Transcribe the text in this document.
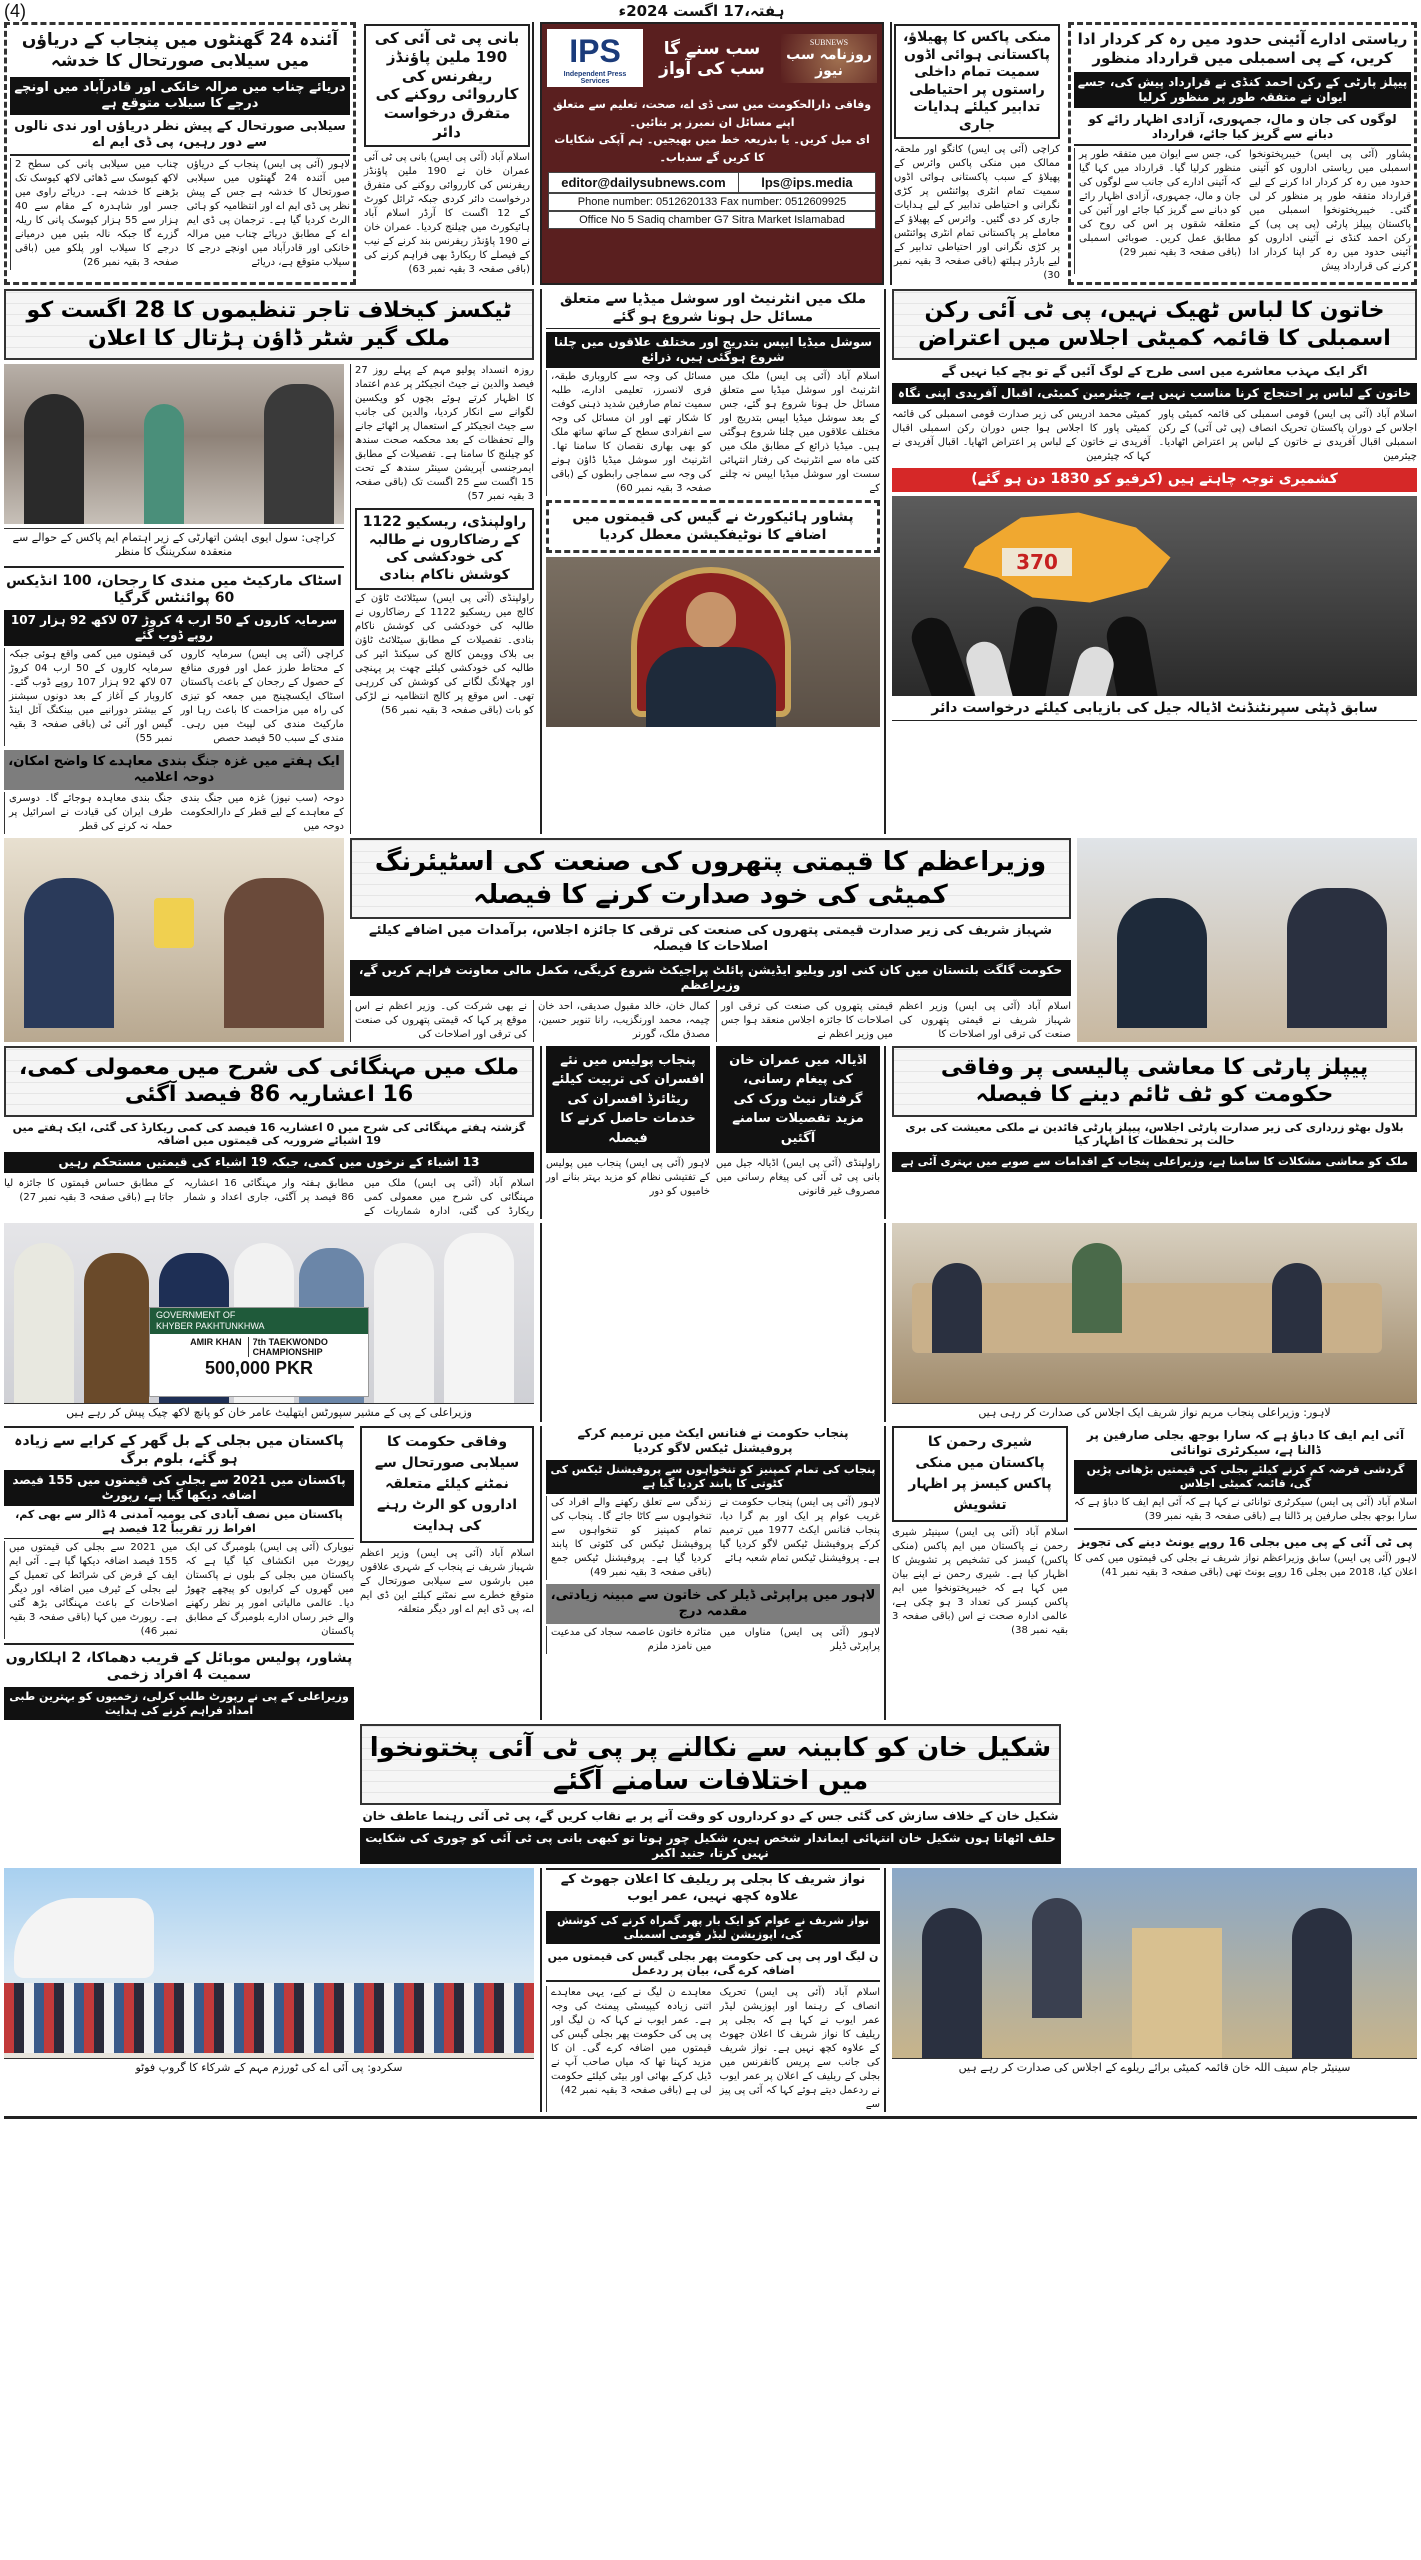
(4)	ہفتہ،17 اگست 2024ء
آئندہ 24 گھنٹوں میں پنجاب کے دریاؤں میں سیلابی صورتحال کا خدشہ
دریائے چناب میں مرالہ خانکی اور قادرآباد میں اونچے درجے کا سیلاب متوقع ہے
سیلابی صورتحال کے پیش نظر دریاؤں اور ندی نالوں سے دور رہیں، پی ڈی ایم اے
لاہور (آئی پی ایس) پنجاب کے دریاؤں میں آئندہ 24 گھنٹوں میں سیلابی صورتحال کا خدشہ ہے جس کے پیش نظر پی ڈی ایم اے اور انتظامیہ کو ہائی الرٹ کردیا گیا ہے۔ ترجمان پی ڈی ایم اے کے مطابق دریائے چناب میں مرالہ خانکی اور قادرآباد میں اونچے درجے کا سیلاب متوقع ہے، دریائے
چناب میں سیلابی پانی کی سطح 2 لاکھ کیوسک سے ڈھائی لاکھ کیوسک تک بڑھنے کا خدشہ ہے۔ دریائے راوی میں جسر اور شاہدرہ کے مقام سے 40 ہزار سے 55 ہزار کیوسک پانی کا ریلہ گزرے گا جبکہ نالہ بئیں میں درمیانے درجے کا سیلاب اور پلکو میں (باقی صفحہ 3 بقیہ نمبر 26)
بانی پی ٹی آئی کی 190 ملین پاؤنڈز ریفرنس کی کارروائی روکنے کی متفرق درخواست دائر
اسلام آباد (آئی پی ایس) بانی پی ٹی آئی عمران خان نے 190 ملین پاؤنڈز ریفرنس کی کارروائی روکنے کی متفرق درخواست دائر کردی جبکہ ٹرائل کورٹ کے 12 اگست کا آرڈر اسلام آباد ہائیکورٹ میں چیلنج کردیا۔ عمران خان نے 190 پاؤنڈز ریفرنس بند کرنے کے نیب کے فیصلے کا ریکارڈ بھی فراہم کرنے کی (باقی صفحہ 3 بقیہ نمبر 63)
IPS
Independent Press Services
سب سنے گا
سب کی آواز
SUBNEWS
روزنامہ سب نیوز
وفاقی دارالحکومت میں سی ڈی اے، صحت، تعلیم سے متعلق اپنے مسائل ان نمبرز پر بتائیں۔
ای میل کریں۔ یا بذریعہ خط میں بھیجیں۔ ہم آپکی شکایات کا کریں گے سدباب۔
editor@dailysubnews.com	lps@ips.media
Phone number: 0512620133 Fax number: 0512609925
Office No 5 Sadiq chamber G7 Sitra Market Islamabad
منکی پاکس کا پھیلاؤ، پاکستانی ہوائی اڈوں سمیت تمام داخلی راستوں پر احتیاطی تدابیر کیلئے ہدایات جاری
کراچی (آئی پی ایس) کانگو اور ملحقہ ممالک میں منکی پاکس وائرس کے پھیلاؤ کے سبب پاکستانی ہوائی اڈوں سمیت تمام انٹری پوائنٹس پر کڑی نگرانی و احتیاطی تدابیر کے لیے ہدایات جاری کر دی گئیں۔ وائرس کے پھیلاؤ کے معاملے پر پاکستانی تمام انٹری پوائنٹس پر کڑی نگرانی اور احتیاطی تدابیر کے لیے بارڈر ہیلتھ (باقی صفحہ 3 بقیہ نمبر 30)
ریاستی ادارے آئینی حدود میں رہ کر کردار ادا کریں، کے پی اسمبلی میں قرارداد منظور
پیپلز پارٹی کے رکن احمد کنڈی نے قرارداد پیش کی، جسے ایوان نے متفقہ طور پر منظور کرلیا
لوگوں کی جان و مال، جمہوری، آزادی اظہار رائے کو دبانے سے گریز کیا جائے، قرارداد
پشاور (آئی پی ایس) خیبرپختونخوا اسمبلی میں ریاستی اداروں کو آئینی حدود میں رہ کر کردار ادا کرنے کے لیے قرارداد متفقہ طور پر منظور کر لی گئی۔ خیبرپختونخوا اسمبلی میں پاکستان پیپلز پارٹی (پی پی پی) کے رکن احمد کنڈی نے آئینی اداروں کو آئینی حدود میں رہ کر اپنا کردار ادا کرنے کی قرارداد پیش
کی، جس سے ایوان میں متفقہ طور پر منظور کرلیا گیا۔ قرارداد میں کہا گیا کہ آئینی ادارے کی جانب سے لوگوں کی جان و مال، جمہوری، آزادی اظہار رائے کو دبانے سے گریز کیا جائے اور آئین کی متعلقہ شقوں پر اس کی روح کی مطابق عمل کریں۔ صوبائی اسمبلی (باقی صفحہ 3 بقیہ نمبر 29)
ٹیکسز کیخلاف تاجر تنظیموں کا 28 اگست کو ملک گیر شٹر ڈاؤن ہڑتال کا اعلان
کراچی: سول ایوی ایشن اتھارٹی کے زیر اہتمام ایم پاکس کے حوالے سے منعقدہ سکریننگ کا منظر
اسٹاک مارکیٹ میں مندی کا رجحان، 100 انڈیکس 60 پوائنٹس گرگیا
سرمایہ کاروں کے 50 ارب 4 کروڑ 07 لاکھ 92 ہزار 107 روپے ڈوب گئے
کراچی (آئی پی ایس) سرمایہ کاروں کے محتاط طرز عمل اور فوری منافع کے حصول کے رجحان کے باعث پاکستان اسٹاک ایکسچینج میں جمعہ کو تیزی کی راہ میں مزاحمت کا باعث رہا اور مارکیٹ مندی کی لپیٹ میں رہی۔ مندی کے سبب 50 فیصد حصص
کی قیمتوں میں کمی واقع ہوئی جبکہ سرمایہ کاروں کے 50 ارب 04 کروڑ 07 لاکھ 92 ہزار 107 روپے ڈوب گئے۔ کاروبار کے آغاز کے بعد دونوں سیشنز کے بیشتر دورانیے میں بینکنگ آئل اینڈ گیس اور آئی ٹی (باقی صفحہ 3 بقیہ نمبر 55)
ایک ہفتے میں غزہ جنگ بندی معاہدے کا واضح امکان، دوحہ اعلامیہ
دوحہ (سب نیوز) غزہ میں جنگ بندی کے معاہدے کے لیے قطر کے دارالحکومت دوحہ میں
جنگ بندی معاہدہ ہوجائے گا۔ دوسری طرف ایران کی قیادت نے اسرائیل پر حملہ نہ کرنے کی قطر
روزہ انسداد پولیو مہم کے پہلے روز 27 فیصد والدین نے جیٹ انجیکٹر پر عدم اعتماد کا اظہار کرتے ہوئے بچوں کو ویکسین لگوانے سے انکار کردیا، والدین کی جانب سے جیٹ انجیکٹر کے استعمال پر اٹھائے جانے والے تحفظات کے بعد محکمہ صحت سندھ کو چیلنج کا سامنا ہے۔ تفصیلات کے مطابق ایمرجنسی آپریشن سینٹر سندھ کے تحت 15 اگست سے 25 اگست تک (باقی صفحہ 3 بقیہ نمبر 57)
راولپنڈی، ریسکیو 1122 کے رضاکاروں نے طالبہ کی خودکشی کی کوشش ناکام بنادی
راولپنڈی (آئی پی ایس) سیٹلائٹ ٹاؤن کے کالج میں ریسکیو 1122 کے رضاکاروں نے طالبہ کی خودکشی کی کوشش ناکام بنادی۔ تفصیلات کے مطابق سیٹلائٹ ٹاؤن بی بلاک وویمن کالج کی سیکنڈ ائیر کی طالبہ کی خودکشی کیلئے چھت پر پہنچی اور چھلانگ لگانے کی کوشش کی کررہی تھی۔ اس موقع پر کالج انتظامیہ نے لڑکی کو بات (باقی صفحہ 3 بقیہ نمبر 56)
ملک میں انٹرنیٹ اور سوشل میڈیا سے متعلق مسائل حل ہونا شروع ہو گئے
سوشل میڈیا ایپس بتدریج اور مختلف علاقوں میں چلنا شروع ہوگئی ہیں، ذرائع
اسلام آباد (آئی پی ایس) ملک میں انٹرنیٹ اور سوشل میڈیا سے متعلق مسائل حل ہونا شروع ہو گئے، جس کے بعد سوشل میڈیا ایپس بتدریج اور مختلف علاقوں میں چلنا شروع ہوگئی ہیں۔ میڈیا ذرائع کے مطابق ملک میں کئی ماہ سے انٹرنیٹ کی رفتار انتہائی سست اور سوشل میڈیا ایپس نہ چلنے کے
مسائل کی وجہ سے کاروباری طبقہ، فری لانسرز، تعلیمی ادارے، طلبہ سمیت تمام صارفین شدید ذہنی کوفت کا شکار تھے اور ان مسائل کی وجہ سے انفرادی سطح کے ساتھ ساتھ ملک کو بھی بھاری نقصان کا سامنا تھا۔ انٹرنیٹ اور سوشل میڈیا ڈاؤن ہونے کی وجہ سے سماجی رابطوں کے (باقی صفحہ 3 بقیہ نمبر 60)
پشاور ہائیکورٹ نے گیس کی قیمتوں میں اضافے کا نوٹیفکیشن معطل کردیا
خاتون کا لباس ٹھیک نہیں، پی ٹی آئی رکن اسمبلی کا قائمہ کمیٹی اجلاس میں اعتراض
اگر ایک مہذب معاشرے میں اسی طرح کے لوگ آئیں گے تو بچے کیا نہیں گے
خاتون کے لباس پر احتجاج کرنا مناسب نہیں ہے، چیئرمین کمیٹی، اقبال آفریدی اپنی نگاہ
اسلام آباد (آئی پی ایس) قومی اسمبلی کی قائمہ کمیٹی پاور اجلاس کے دوران پاکستان تحریک انصاف (پی ٹی آئی) کے رکن اسمبلی اقبال آفریدی نے خاتون کے لباس پر اعتراض اٹھادیا۔ چیئرمین
کمیٹی محمد ادریس کی زیر صدارت قومی اسمبلی کی قائمہ کمیٹی پاور کا اجلاس ہوا جس دوران رکن اسمبلی اقبال آفریدی نے خاتون کے لباس پر اعتراض اٹھایا۔ اقبال آفریدی نے کہا کہ چیئرمین
کشمیری توجہ چاہتے ہیں (کرفیو کو 1830 دن ہو گئے)
370
سابق ڈپٹی سپرنٹنڈنٹ اڈیالہ جیل کی بازیابی کیلئے درخواست دائر
وزیراعظم کا قیمتی پتھروں کی صنعت کی اسٹیئرنگ کمیٹی کی خود صدارت کرنے کا فیصلہ
شہباز شریف کی زیر صدارت قیمتی پتھروں کی صنعت کی ترقی کا جائزہ اجلاس، برآمدات میں اضافے کیلئے اصلاحات کا فیصلہ
حکومت گلگت بلتستان میں کان کنی اور ویلیو ایڈیشن پائلٹ پراجیکٹ شروع کریگی، مکمل مالی معاونت فراہم کریں گے، وزیراعظم
اسلام آباد (آئی پی ایس) وزیر اعظم شہباز شریف نے قیمتی پتھروں کی صنعت کی ترقی اور اصلاحات کا
قیمتی پتھروں کی صنعت کی ترقی اور اصلاحات کا جائزہ اجلاس منعقد ہوا جس میں وزیر اعظم نے
کمال خان، خالد مقبول صدیقی، احد خان چیمہ، محمد اورنگزیب، رانا تنویر حسین، مصدق ملک، گورنر
نے بھی شرکت کی۔ وزیر اعظم نے اس موقع پر کہا کہ قیمتی پتھروں کی صنعت کی ترقی اور اصلاحات کی
ملک میں مہنگائی کی شرح میں معمولی کمی، 16 اعشاریہ 86 فیصد آگئی
گزشتہ ہفتے مہنگائی کی شرح میں 0 اعشاریہ 16 فیصد کی کمی ریکارڈ کی گئی، ایک ہفتے میں 19 اشیائے ضروریہ کی قیمتوں میں اضافہ
13 اشیاء کے نرخوں میں کمی، جبکہ 19 اشیاء کی قیمتیں مستحکم رہیں
اسلام آباد (آئی پی ایس) ملک میں مہنگائی کی شرح میں معمولی کمی ریکارڈ کی گئی، ادارہ شماریات کے مطابق ہفتہ وار مہنگائی 16 اعشاریہ 86 فیصد پر آگئی، جاری اعداد و شمار کے مطابق حساس قیمتوں کا جائزہ لیا جاتا ہے (باقی صفحہ 3 بقیہ نمبر 27)
پنجاب پولیس میں نئے افسران کی تربیت کیلئے ریٹائرڈ افسران کی خدمات حاصل کرنے کا فیصلہ
لاہور (آئی پی ایس) پنجاب میں پولیس کے تفتیشی نظام کو مزید بہتر بنانے اور خامیوں کو دور
اڈیالہ میں عمران خان کی پیغام رسانی، گرفتار نیٹ ورک کی مزید تفصیلات سامنے آگئیں
راولپنڈی (آئی پی ایس) اڈیالہ جیل میں بانی پی ٹی آئی کی پیغام رسانی میں مصروف غیر قانونی
پیپلز پارٹی کا معاشی پالیسی پر وفاقی حکومت کو ٹف ٹائم دینے کا فیصلہ
بلاول بھٹو زرداری کی زیر صدارت پارٹی اجلاس، پیپلز پارٹی قائدین نے ملکی معیشت کی بری حالت پر تحفظات کا اظہار کیا
ملک کو معاشی مشکلات کا سامنا ہے، وزیراعلی پنجاب کے اقدامات سے صوبے میں بہتری آئی ہے
GOVERNMENT OF
KHYBER PAKHTUNKHWA
AMIR KHAN	7th TAEKWONDO
CHAMPIONSHIP
500,000 PKR
وزیراعلی کے پی کے مشیر سپورٹس ایتھلیٹ عامر خان کو پانچ لاکھ چیک پیش کر رہے ہیں	لاہور: وزیراعلی پنجاب مریم نواز شریف ایک اجلاس کی صدارت کر رہی ہیں
پاکستان میں بجلی کے بل گھر کے کرایے سے زیادہ ہو گئے، بلوم برگ
پاکستان میں 2021 سے بجلی کی قیمتوں میں 155 فیصد اضافہ دیکھا گیا ہے، رپورٹ
پاکستان میں نصف آبادی کی یومیہ آمدنی 4 ڈالر سے بھی کم، افراط زر تقریباً 12 فیصد ہے
نیویارک (آئی پی ایس) بلومبرگ کی ایک رپورٹ میں انکشاف کیا گیا ہے کہ پاکستان میں بجلی کے بلوں نے پاکستان میں گھروں کے کرایوں کو پیچھے چھوڑ دیا۔ عالمی مالیاتی امور پر نظر رکھنے والے خبر رساں ادارے بلومبرگ کے مطابق پاکستان
میں 2021 سے بجلی کی قیمتوں میں 155 فیصد اضافہ دیکھا گیا ہے۔ آئی ایم ایف کے قرض کی شرائط کی تعمیل کے لیے بجلی کے ٹیرف میں اضافہ اور دیگر اصلاحات کے باعث مہنگائی بڑھ گئی ہے۔ رپورٹ میں کہا (باقی صفحہ 3 بقیہ نمبر 46)
پشاور، پولیس موبائل کے قریب دھماکا، 2 اہلکاروں سمیت 4 افراد زخمی
وزیراعلی کے پی نے رپورٹ طلب کرلی، زخمیوں کو بہترین طبی امداد فراہم کرنے کی ہدایت
وفاقی حکومت کا سیلابی صورتحال سے نمٹنے کیلئے متعلقہ اداروں کو الرٹ رہنے کی ہدایت
اسلام آباد (آئی پی ایس) وزیر اعظم شہباز شریف نے پنجاب کے شہری علاقوں میں بارشوں سے سیلابی صورتحال کے متوقع خطرے سے نمٹنے کیلئے این ڈی ایم اے، پی ڈی ایم اے اور دیگر متعلقہ
پنجاب حکومت نے فنانس ایکٹ میں ترمیم کرکے پروفیشنل ٹیکس لاگو کردیا
پنجاب کی تمام کمپنیز کو تنخواہوں سے پروفیشنل ٹیکس کی کٹوتی کا پابند کردیا گیا ہے
لاہور (آئی پی ایس) پنجاب حکومت نے غریب عوام پر ایک اور بم گرا دیا، پنجاب فنانس ایکٹ 1977 میں ترمیم کرکے پروفیشنل ٹیکس لاگو کردیا گیا ہے۔ پروفیشنل ٹیکس تمام شعبہ ہائے
زندگی سے تعلق رکھنے والے افراد کی تنخواہوں سے کاٹا جائے گا۔ پنجاب کی تمام کمپنیز کو تنخواہوں سے پروفیشنل ٹیکس کی کٹوتی کا پابند کردیا گیا ہے۔ پروفیشنل ٹیکس جمع (باقی صفحہ 3 بقیہ نمبر 49)
لاہور میں پراپرٹی ڈیلر کی خاتون سے مبینہ زیادتی، مقدمہ درج
لاہور (آئی پی ایس) مناواں میں پراپرٹی ڈیلر
متاثرہ خاتون عاصمہ سجاد کی مدعیت میں نامزد ملزم
شیری رحمن کا پاکستان میں منکی پاکس کیسز پر اظہار تشویش
اسلام آباد (آئی پی ایس) سینیٹر شیری رحمن نے پاکستان میں ایم پاکس (منکی پاکس) کیسز کی تشخیص پر تشویش کا اظہار کیا ہے۔ شیری رحمن نے اپنے بیان میں کہا ہے کہ خیبرپختونخوا میں ایم پاکس کیسز کی تعداد 3 ہو چکی ہے، عالمی ادارہ صحت نے اس (باقی صفحہ 3 بقیہ نمبر 38)
آئی ایم ایف کا دباؤ ہے کہ سارا بوجھ بجلی صارفین پر ڈالنا ہے، سیکرٹری توانائی
گردشی قرضہ کم کرنے کیلئے بجلی کی قیمتیں بڑھانی پڑیں گی، قائمہ کمیٹی اجلاس
اسلام آباد (آئی پی ایس) سیکرٹری توانائی نے کہا ہے کہ آئی ایم ایف کا دباؤ ہے کہ سارا بوجھ بجلی صارفین پر ڈالنا ہے (باقی صفحہ 3 بقیہ نمبر 39)
پی ٹی آئی کے پی میں بجلی 16 روپے یونٹ دینے کی تجویز
لاہور (آئی پی ایس) سابق وزیراعظم نواز شریف نے بجلی کی قیمتوں میں کمی کا اعلان کیا، 2018 میں بجلی 16 روپے یونٹ تھی (باقی صفحہ 3 بقیہ نمبر 41)
شکیل خان کو کابینہ سے نکالنے پر پی ٹی آئی پختونخوا میں اختلافات سامنے آگئے
شکیل خان کے خلاف سازش کی گئی جس کے دو کرداروں کو وقت آنے پر بے نقاب کریں گے، پی ٹی آئی رہنما عاطف خان
حلف اٹھاتا ہوں شکیل خان انتہائی ایماندار شخص ہیں، شکیل چور ہوتا تو کبھی بانی پی ٹی آئی کو چوری کی شکایت نہیں کرتا، جنید اکبر
سکردو: پی آئی اے کی ٹورزم مہم کے شرکاء کا گروپ فوٹو
نواز شریف کا بجلی پر ریلیف کا اعلان جھوٹ کے علاوہ کچھ نہیں، عمر ایوب
نواز شریف نے عوام کو ایک بار پھر گمراہ کرنے کی کوشش کی، اپوزیشن لیڈر قومی اسمبلی
ن لیگ اور پی پی کی حکومت پھر بجلی گیس کی قیمتوں میں اضافہ کرے گی، بیان پر ردعمل
اسلام آباد (آئی پی ایس) تحریک انصاف کے رہنما اور اپوزیشن لیڈر عمر ایوب نے کہا ہے کہ بجلی پر ریلیف کا نواز شریف کا اعلان جھوٹ کے علاوہ کچھ نہیں ہے۔ نواز شریف کی جانب سے پریس کانفرنس میں بجلی کے ریلیف کے اعلان پر عمر ایوب نے ردعمل دیتے ہوئے کہا کہ آئی پی پیز سے
معاہدے ن لیگ نے کیے، یہی معاہدے اتنی زیادہ کیپیسٹی پیمنٹ کی وجہ ہے۔ عمر ایوب نے کہا کہ ن لیگ اور پی پی کی حکومت پھر بجلی گیس کی قیمتوں میں اضافہ کرے گی۔ ان کا مزید کہنا تھا کہ میاں صاحب آپ نے ڈیل کرکے بھائی اور بیٹی کیلئے حکومت لی ہے (باقی صفحہ 3 بقیہ نمبر 42)
سینیٹر جام سیف اللہ خان قائمہ کمیٹی برائے ریلوے کے اجلاس کی صدارت کر رہے ہیں
